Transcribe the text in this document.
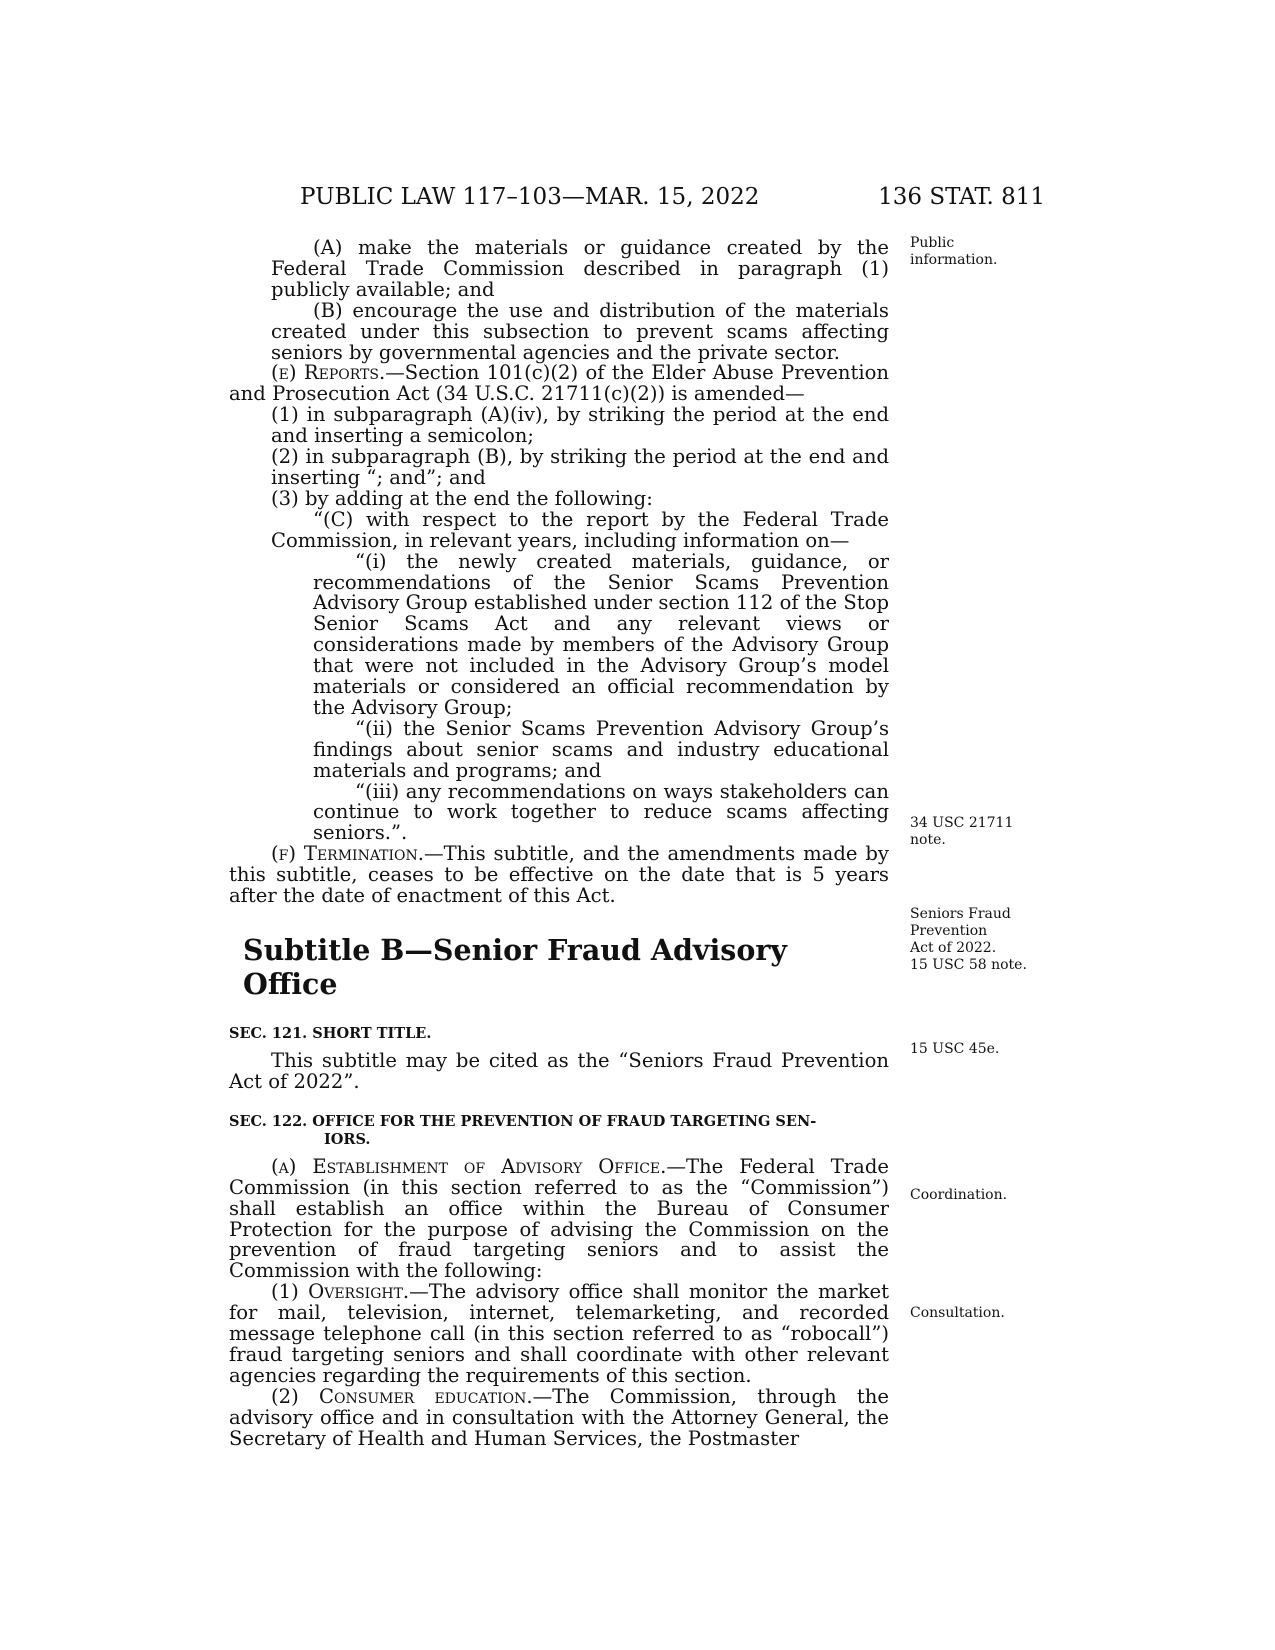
PUBLIC LAW 117–103—MAR. 15, 2022	136 STAT. 811

(A) make the materials or guidance created by the Federal Trade Commission described in paragraph (1) publicly available; and

(B) encourage the use and distribution of the materials created under this subsection to prevent scams affecting seniors by governmental agencies and the private sector.

(e) Reports.—Section 101(c)(2) of the Elder Abuse Prevention and Prosecution Act (34 U.S.C. 21711(c)(2)) is amended—

(1) in subparagraph (A)(iv), by striking the period at the end and inserting a semicolon;

(2) in subparagraph (B), by striking the period at the end and inserting “; and”; and

(3) by adding at the end the following:

“(C) with respect to the report by the Federal Trade Commission, in relevant years, including information on—

“(i) the newly created materials, guidance, or recommendations of the Senior Scams Prevention Advisory Group established under section 112 of the Stop Senior Scams Act and any relevant views or considerations made by members of the Advisory Group that were not included in the Advisory Group’s model materials or considered an official recommendation by the Advisory Group;

“(ii) the Senior Scams Prevention Advisory Group’s findings about senior scams and industry educational materials and programs; and

“(iii) any recommendations on ways stakeholders can continue to work together to reduce scams affecting seniors.”.

(f) Termination.—This subtitle, and the amendments made by this subtitle, ceases to be effective on the date that is 5 years after the date of enactment of this Act.

Subtitle B—Senior Fraud Advisory Office
SEC. 121. SHORT TITLE.

This subtitle may be cited as the “Seniors Fraud Prevention Act of 2022”.

SEC. 122. OFFICE FOR THE PREVENTION OF FRAUD TARGETING SEN-
IORS.

(a) Establishment of Advisory Office.—The Federal Trade Commission (in this section referred to as the “Commission”) shall establish an office within the Bureau of Consumer Protection for the purpose of advising the Commission on the prevention of fraud targeting seniors and to assist the Commission with the following:

(1) Oversight.—The advisory office shall monitor the market for mail, television, internet, telemarketing, and recorded message telephone call (in this section referred to as “robocall”) fraud targeting seniors and shall coordinate with other relevant agencies regarding the requirements of this section.

(2) Consumer education.—The Commission, through the advisory office and in consultation with the Attorney General, the Secretary of Health and Human Services, the Postmaster

Public
information.
34 USC 21711
note.
Seniors Fraud
Prevention
Act of 2022.
15 USC 58 note.
15 USC 45e.
Coordination.
Consultation.
